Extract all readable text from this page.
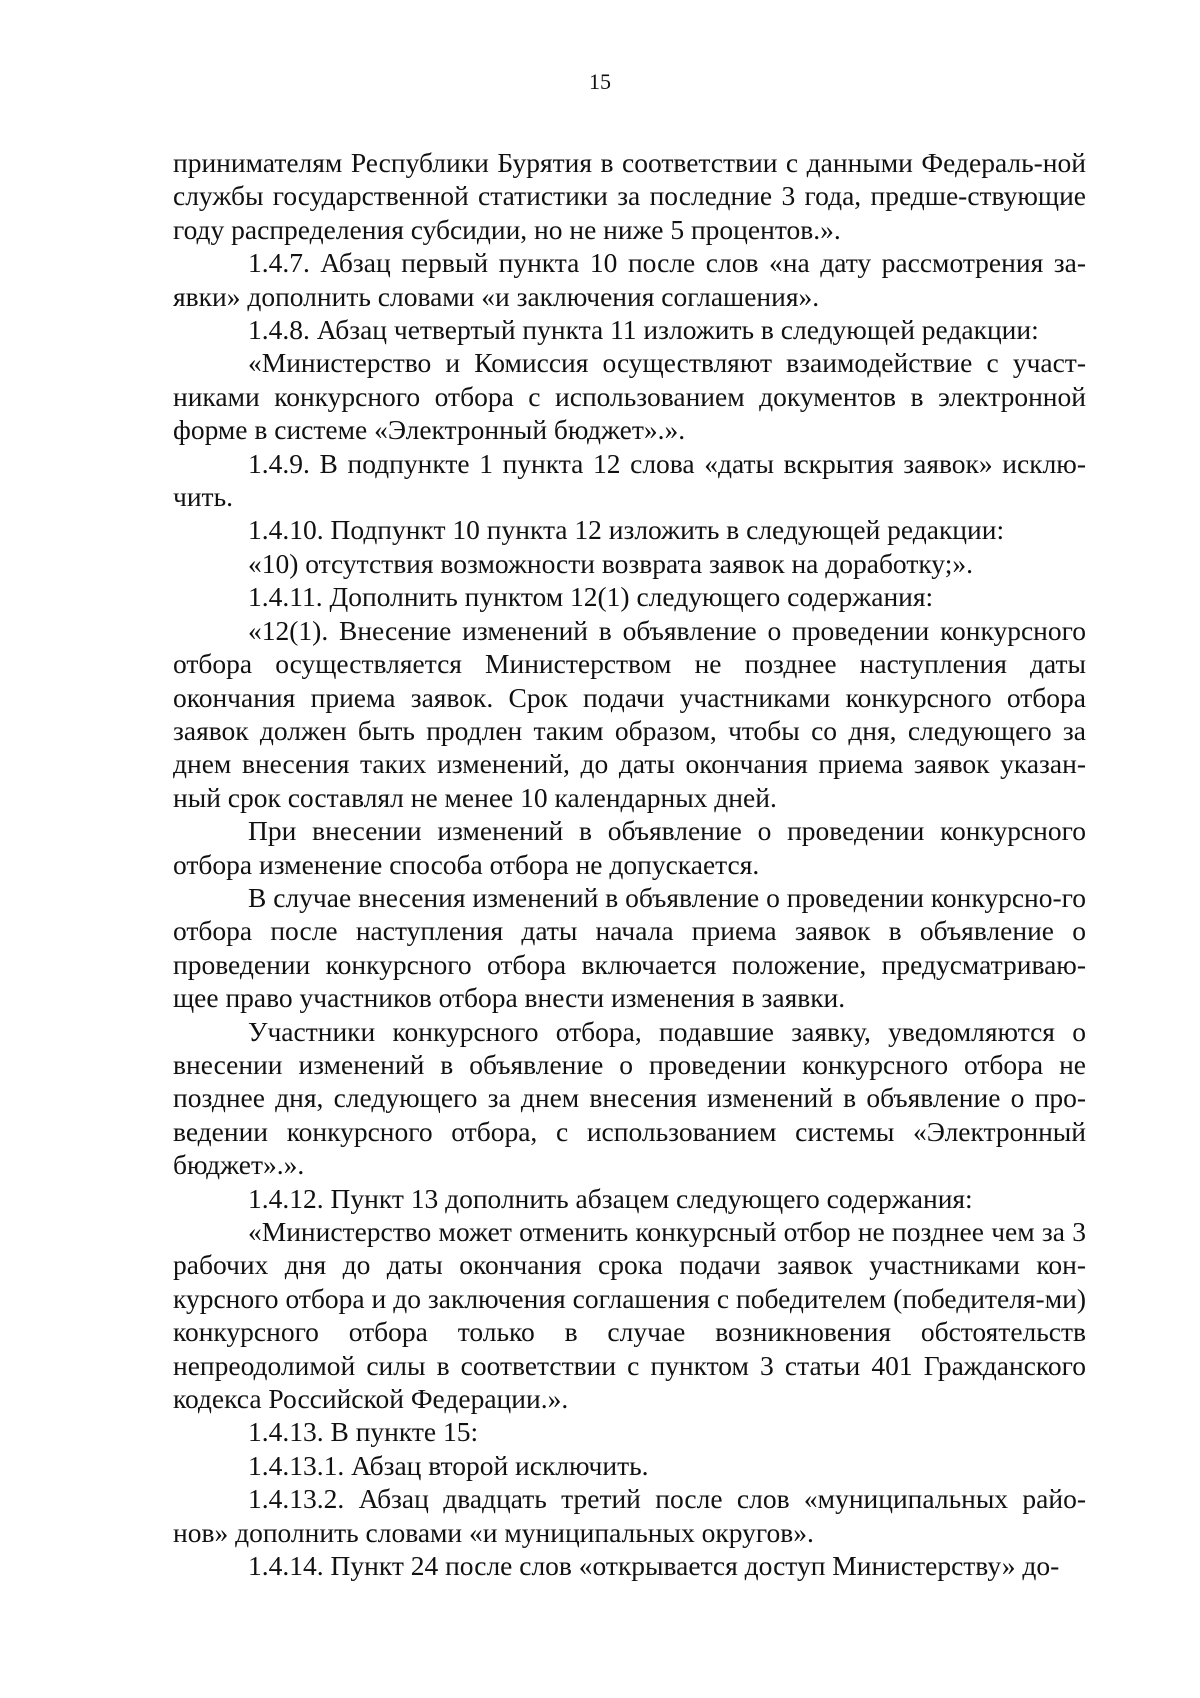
15

принимателям Республики Бурятия в соответствии с данными Федераль-ной службы государственной статистики за последние 3 года, предше-ствующие году распределения субсидии, но не ниже 5 процентов.».

1.4.7. Абзац первый пункта 10 после слов «на дату рассмотрения за-явки» дополнить словами «и заключения соглашения».

1.4.8. Абзац четвертый пункта 11 изложить в следующей редакции:

«Министерство и Комиссия осуществляют взаимодействие с участ-никами конкурсного отбора с использованием документов в электронной форме в системе «Электронный бюджет».».

1.4.9. В подпункте 1 пункта 12 слова «даты вскрытия заявок» исклю-чить.

1.4.10. Подпункт 10 пункта 12 изложить в следующей редакции:

«10) отсутствия возможности возврата заявок на доработку;».

1.4.11. Дополнить пунктом 12(1) следующего содержания:

«12(1). Внесение изменений в объявление о проведении конкурсного отбора осуществляется Министерством не позднее наступления даты окончания приема заявок. Срок подачи участниками конкурсного отбора заявок должен быть продлен таким образом, чтобы со дня, следующего за днем внесения таких изменений, до даты окончания приема заявок указан-ный срок составлял не менее 10 календарных дней.

При внесении изменений в объявление о проведении конкурсного отбора изменение способа отбора не допускается.

В случае внесения изменений в объявление о проведении конкурсно-го отбора после наступления даты начала приема заявок в объявление о проведении конкурсного отбора включается положение, предусматриваю-щее право участников отбора внести изменения в заявки.

Участники конкурсного отбора, подавшие заявку, уведомляются о внесении изменений в объявление о проведении конкурсного отбора не позднее дня, следующего за днем внесения изменений в объявление о про-ведении конкурсного отбора, с использованием системы «Электронный бюджет».».

1.4.12. Пункт 13 дополнить абзацем следующего содержания:

«Министерство может отменить конкурсный отбор не позднее чем за 3 рабочих дня до даты окончания срока подачи заявок участниками кон-курсного отбора и до заключения соглашения с победителем (победителя-ми) конкурсного отбора только в случае возникновения обстоятельств непреодолимой силы в соответствии с пунктом 3 статьи 401 Гражданского кодекса Российской Федерации.».

1.4.13. В пункте 15:

1.4.13.1. Абзац второй исключить.

1.4.13.2. Абзац двадцать третий после слов «муниципальных райо-нов» дополнить словами «и муниципальных округов».

1.4.14. Пункт 24 после слов «открывается доступ Министерству» до-
